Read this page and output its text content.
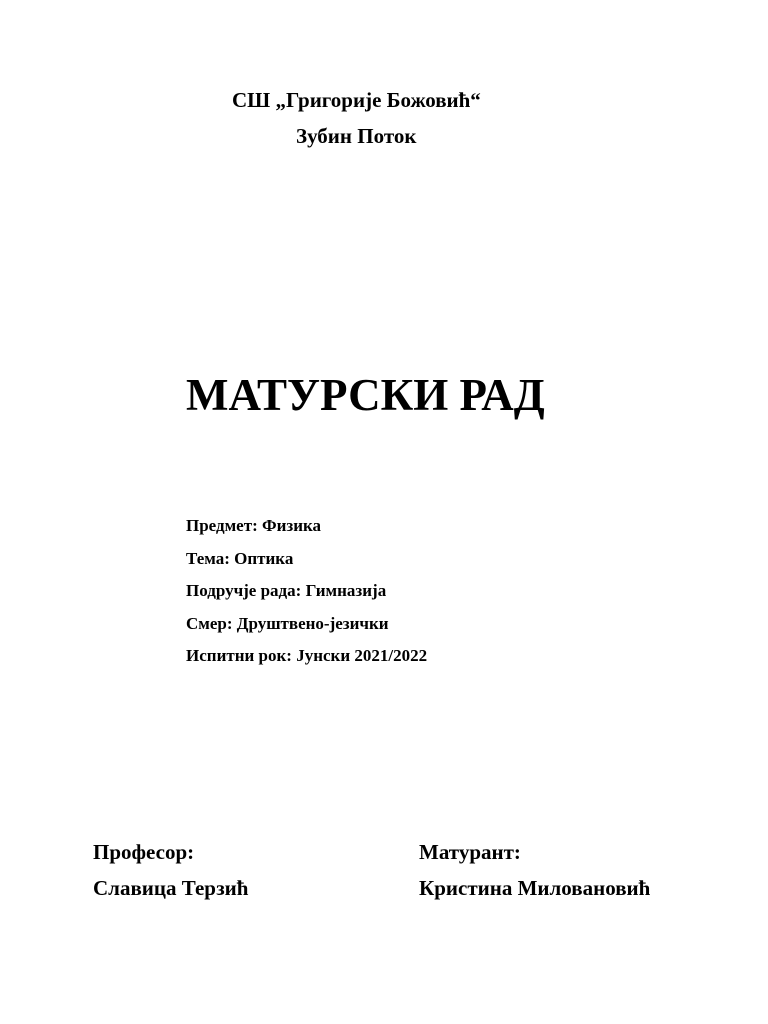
СШ „Григорије Божовић“
Зубин Поток
МАТУРСКИ РАД
Предмет: Физика
Тема: Оптика
Подручје рада: Гимназија
Смер: Друштвено-језички
Испитни рок: Јунски 2021/2022
Професор:
Славица Терзић
Матурант:
Кристина Миловановић
